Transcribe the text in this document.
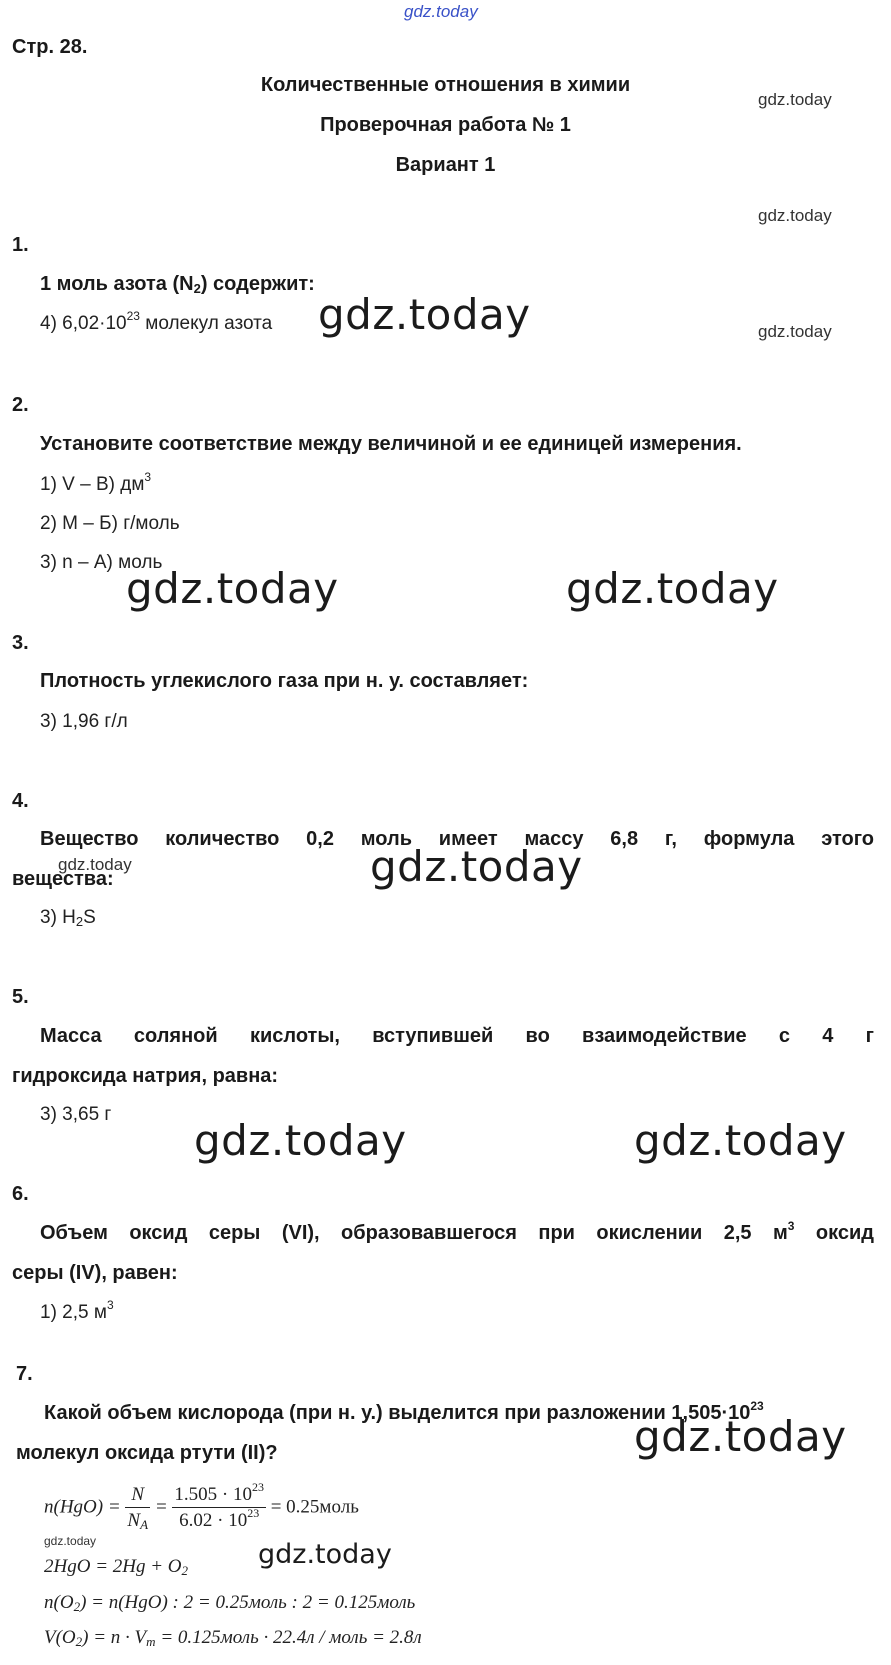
gdz.today
Стр. 28.
Количественные отношения в химии
Проверочная работа № 1
Вариант 1
gdz.today
gdz.today
1.
1 моль азота $(N_2)$ содержит:
4) $6,02\cdot 10^{23}$ молекул азота gdz.today	gdz.today
2.
Установите соответствие между величиной и ее единицей измерения.
1) V – В) $дм^3$
2) M – Б) г/моль
3) n – А) моль
gdz.today	gdz.today
3.
Плотность углекислого газа при н. у. составляет:
3) 1,96 г/л
4.
Вещество количество 0,2 моль имеет массу 6,8 г, формула этого
вещества:
gdz.today	gdz.today
3) $H_2S$
5.
Масса соляной кислоты, вступившей во взаимодействие с 4 г
гидроксида натрия, равна:
3) 3,65 г
gdz.today	gdz.today
6.
Объем оксид серы (VI), образовавшегося при окислении 2,5 $м^3$ оксид
серы (IV), равен:
1) 2,5 $м^3$
7.
Какой объем кислорода (при н. у.) выделится при разложении $1,505\cdot 10^{23}$
молекул оксида ртути (II)?	gdz.today
$n(HgO) = \frac{N}{N_A} = \frac{1.505 \cdot 10^{23}}{6.02 \cdot 10^{23}}$ = 0.25моль
gdz.today
$2HgO = 2Hg + O_2$
gdz.today
$n(O_2) = n(HgO)$ : 2 = 0.25моль : 2 = 0.125моль
$V(O_2) = n \cdot V_m$ = 0.125моль · 22.4л / моль = 2.8л
